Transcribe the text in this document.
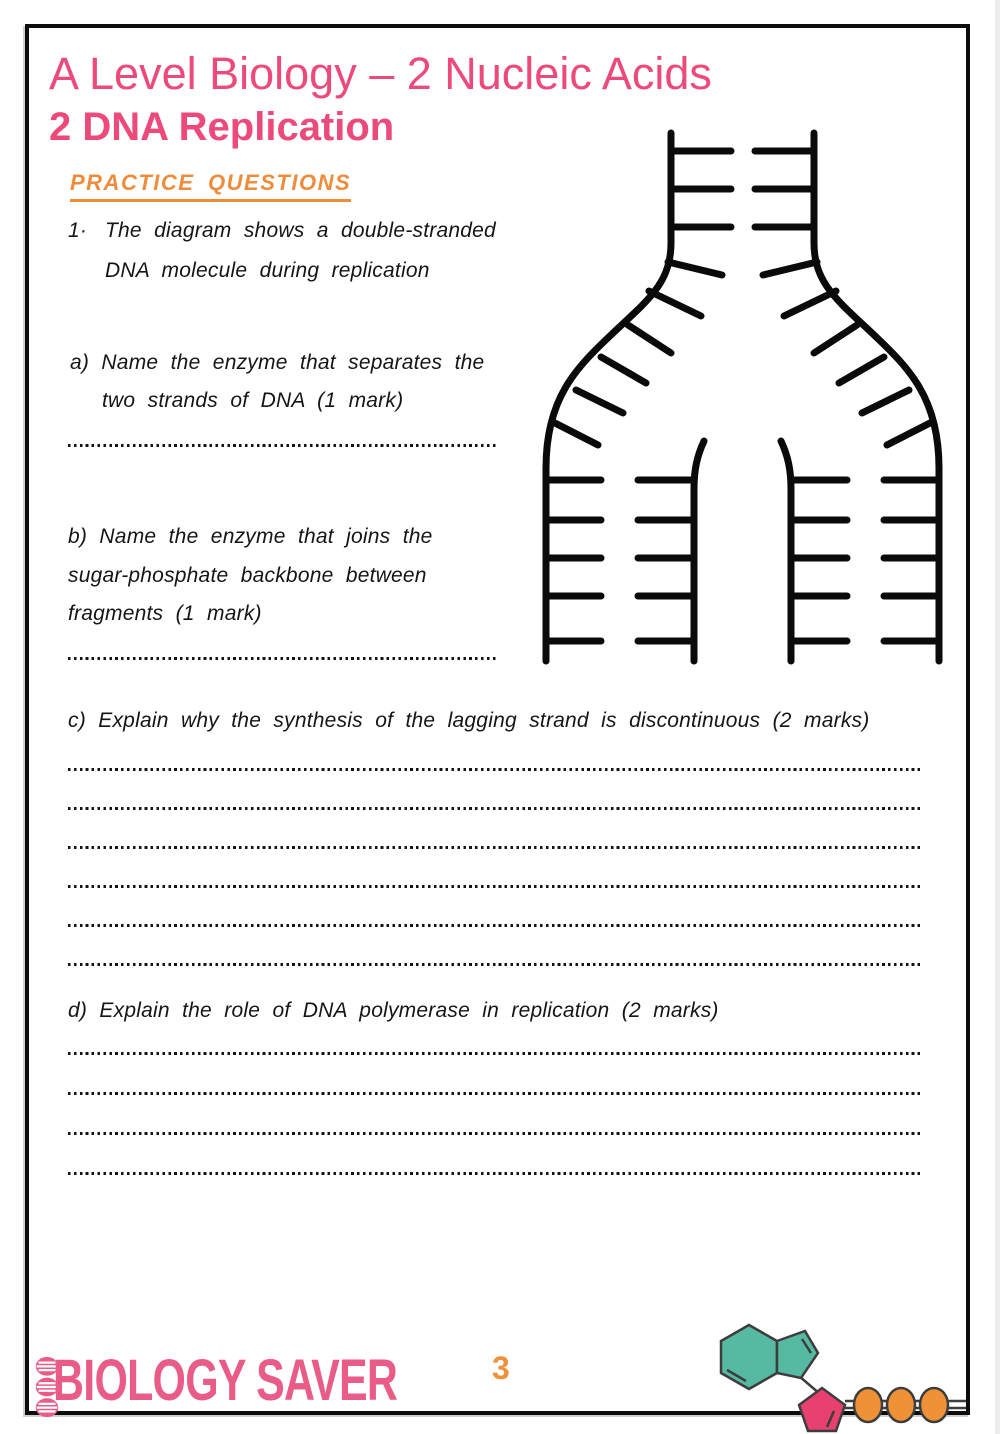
A Level Biology – 2 Nucleic Acids
2 DNA Replication
PRACTICE QUESTIONS
1· The diagram shows a double-stranded
DNA molecule during replication
a) Name the enzyme that separates the
two strands of DNA (1 mark)
b) Name the enzyme that joins the
sugar-phosphate backbone between
fragments (1 mark)
c) Explain why the synthesis of the lagging strand is discontinuous (2 marks)
d) Explain the role of DNA polymerase in replication (2 marks)
BIOLOGY SAVER	3
